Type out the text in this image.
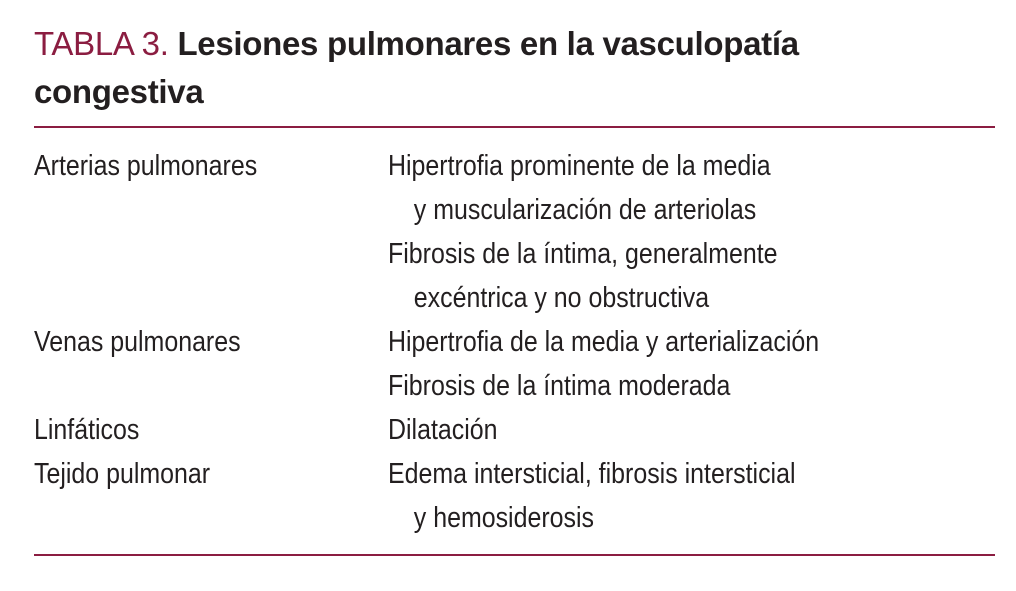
TABLA 3. Lesiones pulmonares en la vasculopatía
congestiva
Arterias pulmonares	Hipertrofia prominente de la media
y muscularización de arteriolas
Fibrosis de la íntima, generalmente
excéntrica y no obstructiva
Venas pulmonares	Hipertrofia de la media y arterialización
Fibrosis de la íntima moderada
Linfáticos	Dilatación
Tejido pulmonar	Edema intersticial, fibrosis intersticial
y hemosiderosis
